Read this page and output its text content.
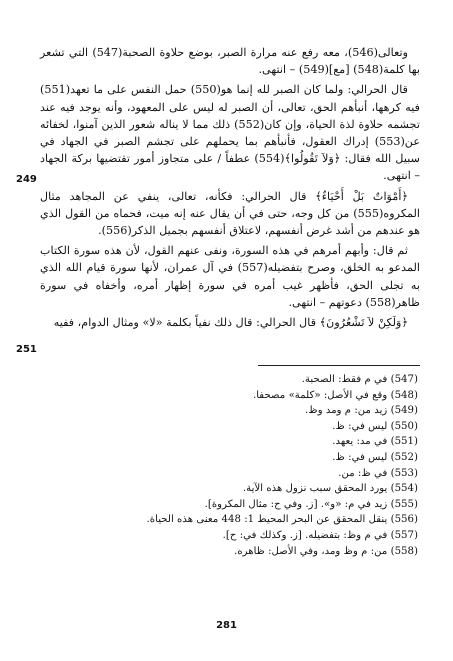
وتعالى(546)، معه رفع عنه مرارة الصبر، بوضع حلاوة الصحبة(547) التي تشعر بها كلمة(548) [مع](549) – انتهى.

قال الحرالي: ولما كان الصبر لله إنما هو(550) حمل النفس على ما تعهد(551) فيه كرهها، أنبأهم الحق، تعالى، أن الصبر له ليس على المعهود، وأنه يوجد فيه عند تجشمه حلاوة لذة الحياة، وإن كان(552) ذلك مما لا يناله شعور الذين آمنوا، لخفائه عن(553) إدراك العقول، فأنبأهم بما يحملهم على تجشم الصبر في الجهاد في سبيل الله فقال: ﴿وَلاَ تَقُولُوا﴾(554) عطفاً / على متجاوز أمور تقتضيها بركة الجهاد – انتهى.

﴿أَمْوَاتٌ بَلْ أَحْيَاءٌ﴾ قال الحرالي: فكأنه، تعالى، ينفي عن المجاهد مثال المكروه(555) من كل وجه، حتى في أن يقال عنه إنه ميت، فحماه من القول الذي هو عندهم من أشد غرض أنفسهم، لاعتلاق أنفسهم بجميل الذكر(556).

ثم قال: وأبهم أمرهم في هذه السورة، ونفى عنهم القول، لأن هذه سورة الكتاب المدعو به الخلق، وصرح بتفضيله(557) في آل عمران، لأنها سورة قيام الله الذي به تجلى الحق، فأظهر غيب أمره في سورة إظهار أمره، وأخفاه في سورة ظاهر(558) دعوتهم – انتهى.

﴿وَلَكِنْ لاَ تَشْعُرُونَ﴾ قال الحرالي: قال ذلك نفياً بكلمة «لا» ومثال الدوام، ففيه

249
251
(547) في م فقط: الصحبة.
(548) وقع في الأصل: «كلمة» مصحفا.
(549) زيد من: م ومد وظ.
(550) ليس في: ظ.
(551) في مد: يعهد.
(552) ليس في: ظ.
(553) في ظ: من.
(554) يورد المحقق سبب نزول هذه الآية.
(555) زيد في م: «و». [ز. وفي ح: مثال المكروة].
(556) ينقل المحقق عن البحر المحيط 1: 448 معنى هذه الحياة.
(557) في م وظ: بتفضيله. [ز. وكذلك في: ح].
(558) من: م وظ ومد، وفي الأصل: ظاهره.
281
